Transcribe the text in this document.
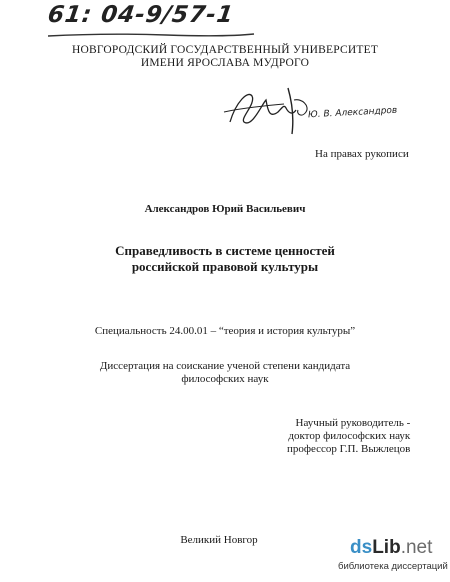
61: 04-9/57-1
НОВГОРОДСКИЙ ГОСУДАРСТВЕННЫЙ УНИВЕРСИТЕТ
ИМЕНИ ЯРОСЛАВА МУДРОГО
Ю. В. Александров
На правах рукописи
Александров Юрий Васильевич
Справедливость в системе ценностей
российской правовой культуры
Специальность 24.00.01 – “теория и история культуры”
Диссертация на соискание ученой степени кандидата
философских наук
Научный руководитель -
доктор философских наук
профессор Г.П. Выжлецов
Великий Новгор	dsLib.net
библиотека диссертаций
